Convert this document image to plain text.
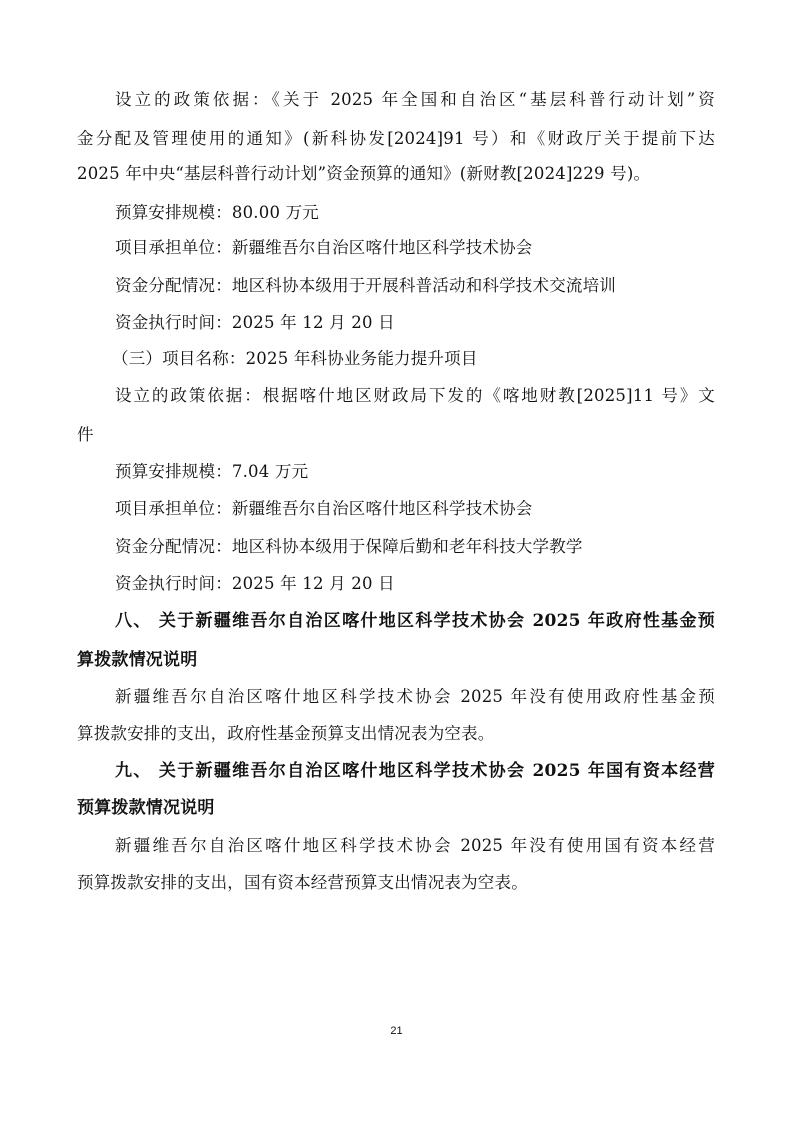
设立的政策依据：《关于 2025 年全国和自治区“基层科普行动计划”资
金分配及管理使用的通知》(新科协发[2024]91 号）和《财政厅关于提前下达
2025 年中央“基层科普行动计划”资金预算的通知》(新财教[2024]229 号)。
预算安排规模：80.00 万元
项目承担单位：新疆维吾尔自治区喀什地区科学技术协会
资金分配情况：地区科协本级用于开展科普活动和科学技术交流培训
资金执行时间：2025 年 12 月 20 日
（三）项目名称：2025 年科协业务能力提升项目
设立的政策依据：根据喀什地区财政局下发的《喀地财教[2025]11 号》文
件
预算安排规模：7.04 万元
项目承担单位：新疆维吾尔自治区喀什地区科学技术协会
资金分配情况：地区科协本级用于保障后勤和老年科技大学教学
资金执行时间：2025 年 12 月 20 日
八、 关于新疆维吾尔自治区喀什地区科学技术协会 2025 年政府性基金预
算拨款情况说明
新疆维吾尔自治区喀什地区科学技术协会 2025 年没有使用政府性基金预
算拨款安排的支出，政府性基金预算支出情况表为空表。
九、 关于新疆维吾尔自治区喀什地区科学技术协会 2025 年国有资本经营
预算拨款情况说明
新疆维吾尔自治区喀什地区科学技术协会 2025 年没有使用国有资本经营
预算拨款安排的支出，国有资本经营预算支出情况表为空表。
21
